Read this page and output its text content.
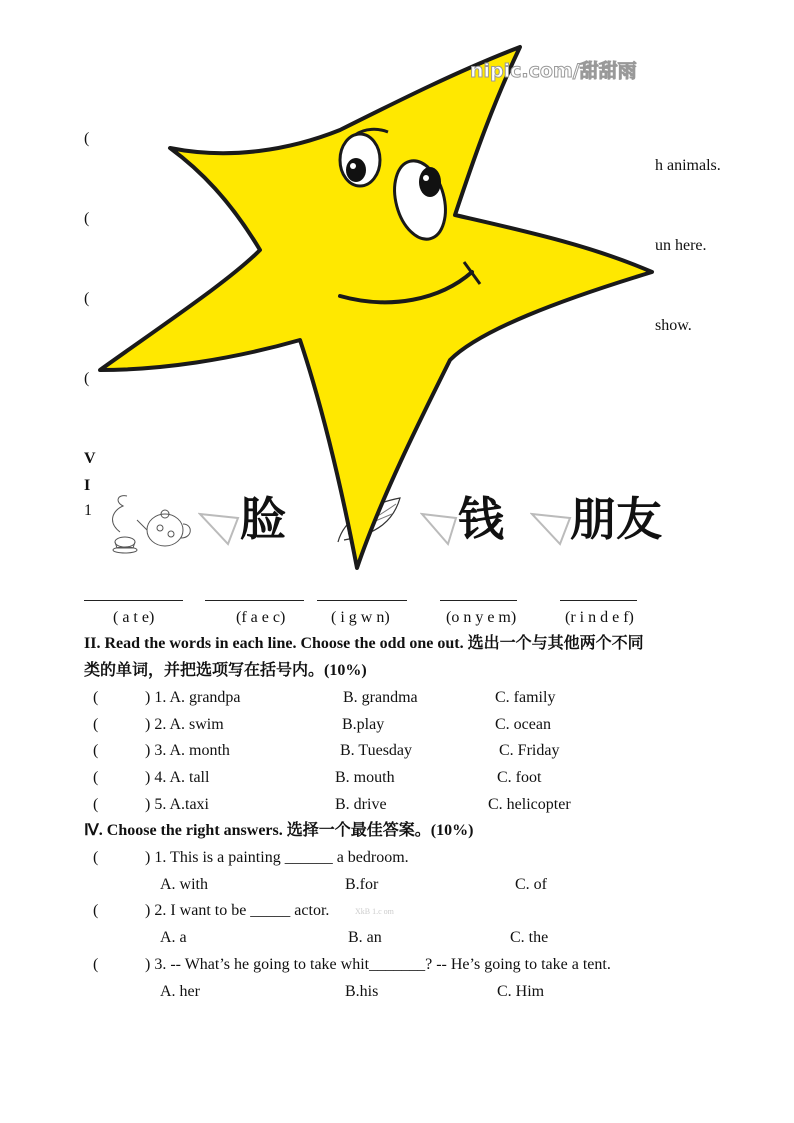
nipic.com/甜甜雨
(
(
(
(
h animals.
un here.
show.
V
I
1	脸	钱 朋友
( a t e)	(f a e c)	( i g w n)	(o n y e m)	(r i n d e f)
II. Read the words in each line. Choose the odd one out. 选出一个与其他两个不同
类的单词，并把选项写在括号内。(10%)
(	) 1. A. grandpa	B. grandma	C. family
(	) 2. A. swim	B.play	C. ocean
(	) 3. A. month	B. Tuesday	C. Friday
(	) 4. A. tall	B. mouth	C. foot
(	) 5. A.taxi	B. drive	C. helicopter
(	) 1. This is a painting ______ a bedroom.
A. with	B.for	C. of
(	) 2. I want to be _____ actor.
A. a	B. an	C. the
(	) 3. -- What’s he going to take whit_______? -- He’s going to take a tent.
A. her	B.his	C. Him
Ⅳ. Choose the right answers. 选择一个最佳答案。(10%)
XkB 1.c om
